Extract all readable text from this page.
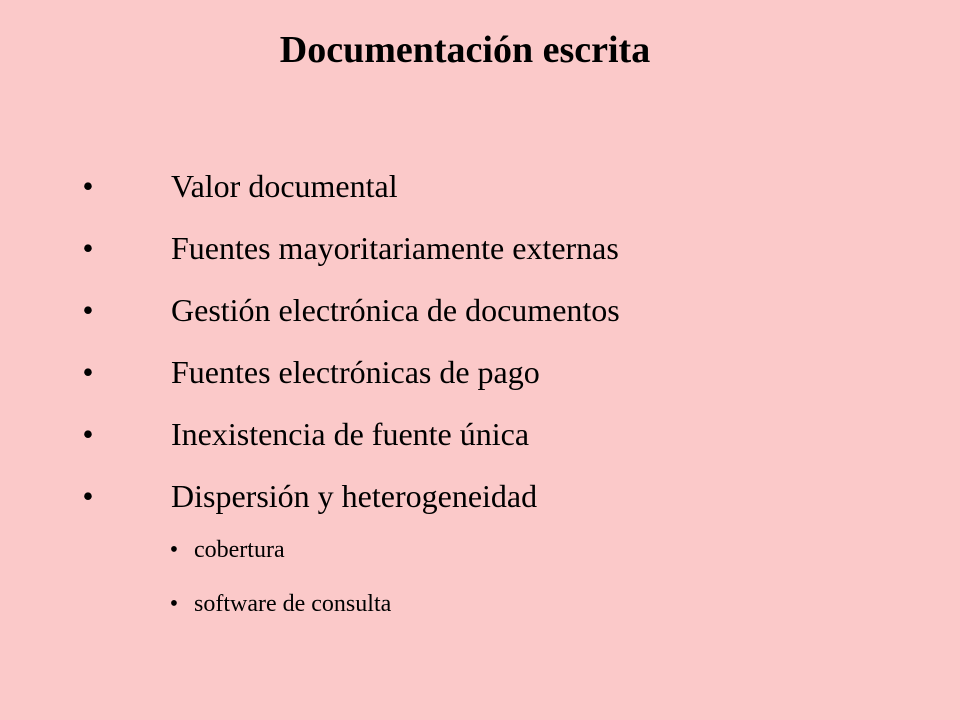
Documentación escrita
• Valor documental
• Fuentes mayoritariamente externas
• Gestión electrónica de documentos
• Fuentes electrónicas de pago
• Inexistencia de fuente única
• Dispersión y heterogeneidad
• cobertura
• software de consulta
